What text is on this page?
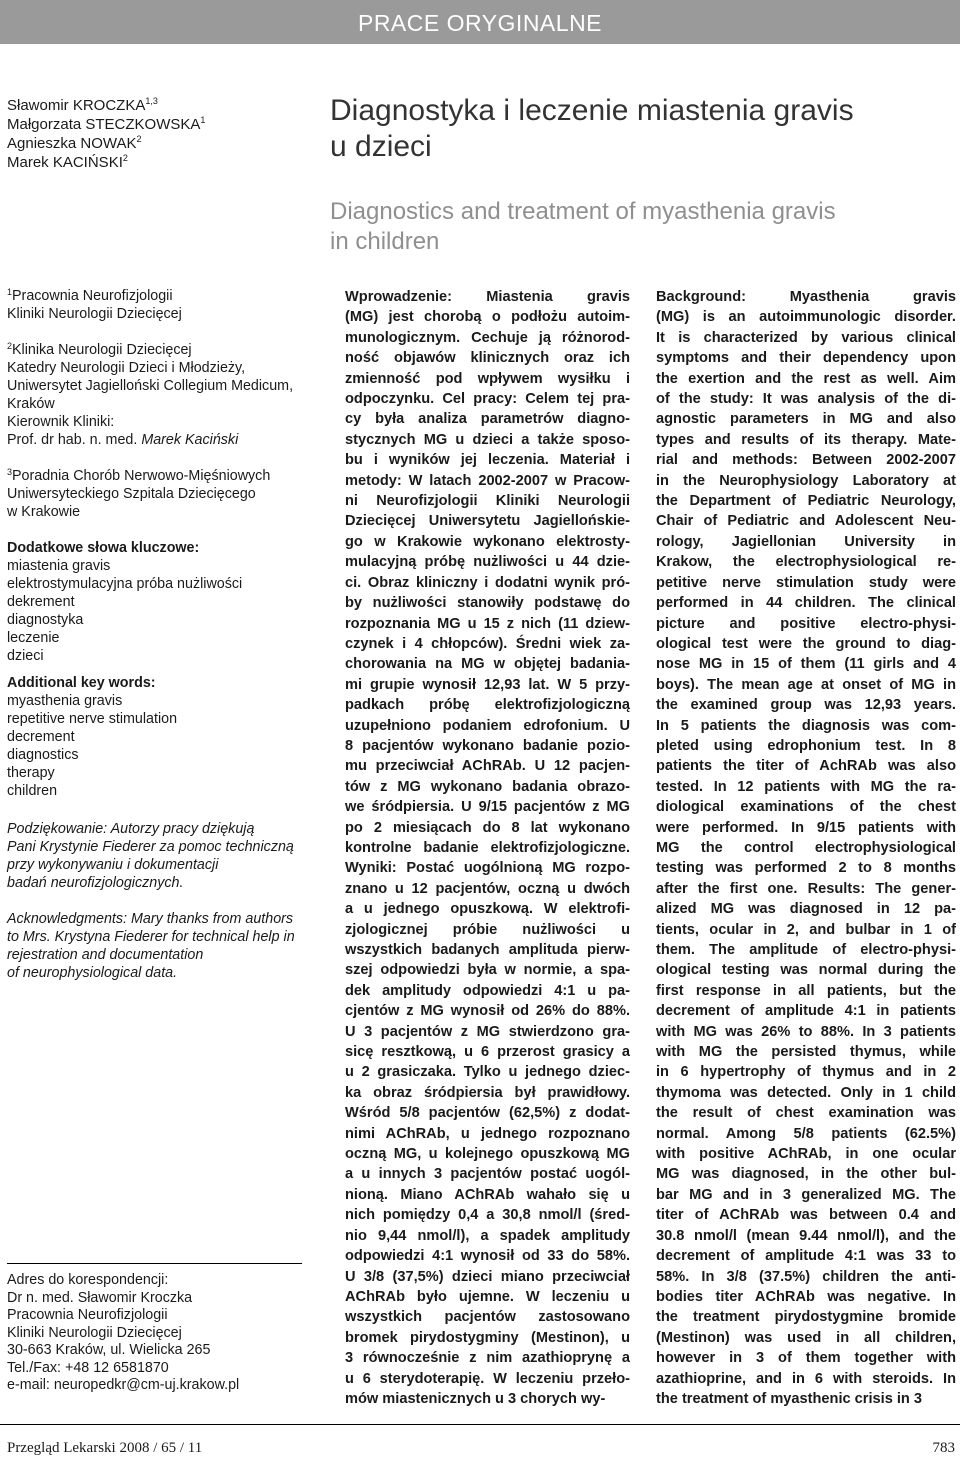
PRACE ORYGINALNE
Sławomir KROCZKA$^{1,3}$
Małgorzata STECZKOWSKA$^1$
Agnieszka NOWAK$^2$
Marek KACIŃSKI$^2$
Diagnostyka i leczenie miastenia gravis
u dzieci
Diagnostics and treatment of myasthenia gravis
in children
$^1$Pracownia Neurofizjologii
Kliniki Neurologii Dziecięcej
$^2$Klinika Neurologii Dziecięcej
Katedry Neurologii Dzieci i Młodzieży,
Uniwersytet Jagielloński Collegium Medicum,
Kraków
Kierownik Kliniki:
Prof. dr hab. n. med. Marek Kaciński
$^3$Poradnia Chorób Nerwowo-Mięśniowych
Uniwersyteckiego Szpitala Dziecięcego
w Krakowie
Dodatkowe słowa kluczowe:
miastenia gravis
elektrostymulacyjna próba nużliwości
dekrement
diagnostyka
leczenie
dzieci
Additional key words:
myasthenia gravis
repetitive nerve stimulation
decrement
diagnostics
therapy
children
Podziękowanie: Autorzy pracy dziękują
Pani Krystynie Fiederer za pomoc techniczną
przy wykonywaniu i dokumentacji
badań neurofizjologicznych.
Acknowledgments: Mary thanks from authors
to Mrs. Krystyna Fiederer for technical help in
rejestration and documentation
of neurophysiological data.
Adres do korespondencji:
Dr n. med. Sławomir Kroczka
Pracownia Neurofizjologii
Kliniki Neurologii Dziecięcej
30-663 Kraków, ul. Wielicka 265
Tel./Fax: +48 12 6581870
e-mail: neuropedkr@cm-uj.krakow.pl
Wprowadzenie: Miastenia gravis
(MG) jest chorobą o podłożu autoim-
munologicznym. Cechuje ją różnorod-
ność objawów klinicznych oraz ich
zmienność pod wpływem wysiłku i
odpoczynku. Cel pracy: Celem tej pra-
cy była analiza parametrów diagno-
stycznych MG u dzieci a także sposo-
bu i wyników jej leczenia. Materiał i
metody: W latach 2002-2007 w Pracow-
ni Neurofizjologii Kliniki Neurologii
Dziecięcej Uniwersytetu Jagiellońskie-
go w Krakowie wykonano elektrosty-
mulacyjną próbę nużliwości u 44 dzie-
ci. Obraz kliniczny i dodatni wynik pró-
by nużliwości stanowiły podstawę do
rozpoznania MG u 15 z nich (11 dziew-
czynek i 4 chłopców). Średni wiek za-
chorowania na MG w objętej badania-
mi grupie wynosił 12,93 lat. W 5 przy-
padkach próbę elektrofizjologiczną
uzupełniono podaniem edrofonium. U
8 pacjentów wykonano badanie pozio-
mu przeciwciał AChRAb. U 12 pacjen-
tów z MG wykonano badania obrazo-
we śródpiersia. U 9/15 pacjentów z MG
po 2 miesiącach do 8 lat wykonano
kontrolne badanie elektrofizjologiczne.
Wyniki: Postać uogólnioną MG rozpo-
znano u 12 pacjentów, oczną u dwóch
a u jednego opuszkową. W elektrofi-
zjologicznej próbie nużliwości u
wszystkich badanych amplituda pierw-
szej odpowiedzi była w normie, a spa-
dek amplitudy odpowiedzi 4:1 u pa-
cjentów z MG wynosił od 26% do 88%.
U 3 pacjentów z MG stwierdzono gra-
sicę resztkową, u 6 przerost grasicy a
u 2 grasiczaka. Tylko u jednego dziec-
ka obraz śródpiersia był prawidłowy.
Wśród 5/8 pacjentów (62,5%) z dodat-
nimi AChRAb, u jednego rozpoznano
oczną MG, u kolejnego opuszkową MG
a u innych 3 pacjentów postać uogól-
nioną. Miano AChRAb wahało się u
nich pomiędzy 0,4 a 30,8 nmol/l (śred-
nio 9,44 nmol/l), a spadek amplitudy
odpowiedzi 4:1 wynosił od 33 do 58%.
U 3/8 (37,5%) dzieci miano przeciwciał
AChRAb było ujemne. W leczeniu u
wszystkich pacjentów zastosowano
bromek pirydostygminy (Mestinon), u
3 równocześnie z nim azathioprynę a
u 6 sterydoterapię. W leczeniu przeło-
mów miastenicznych u 3 chorych wy-
Background: Myasthenia gravis
(MG) is an autoimmunologic disorder.
It is characterized by various clinical
symptoms and their dependency upon
the exertion and the rest as well. Aim
of the study: It was analysis of the di-
agnostic parameters in MG and also
types and results of its therapy. Mate-
rial and methods: Between 2002-2007
in the Neurophysiology Laboratory at
the Department of Pediatric Neurology,
Chair of Pediatric and Adolescent Neu-
rology, Jagiellonian University in
Krakow, the electrophysiological re-
petitive nerve stimulation study were
performed in 44 children. The clinical
picture and positive electro-physi-
ological test were the ground to diag-
nose MG in 15 of them (11 girls and 4
boys). The mean age at onset of MG in
the examined group was 12,93 years.
In 5 patients the diagnosis was com-
pleted using edrophonium test. In 8
patients the titer of AchRAb was also
tested. In 12 patients with MG the ra-
diological examinations of the chest
were performed. In 9/15 patients with
MG the control electrophysiological
testing was performed 2 to 8 months
after the first one. Results: The gener-
alized MG was diagnosed in 12 pa-
tients, ocular in 2, and bulbar in 1 of
them. The amplitude of electro-physi-
ological testing was normal during the
first response in all patients, but the
decrement of amplitude 4:1 in patients
with MG was 26% to 88%. In 3 patients
with MG the persisted thymus, while
in 6 hypertrophy of thymus and in 2
thymoma was detected. Only in 1 child
the result of chest examination was
normal. Among 5/8 patients (62.5%)
with positive AChRAb, in one ocular
MG was diagnosed, in the other bul-
bar MG and in 3 generalized MG. The
titer of AChRAb was between 0.4 and
30.8 nmol/l (mean 9.44 nmol/l), and the
decrement of amplitude 4:1 was 33 to
58%. In 3/8 (37.5%) children the anti-
bodies titer AChRAb was negative. In
the treatment pirydostygmine bromide
(Mestinon) was used in all children,
however in 3 of them together with
azathioprine, and in 6 with steroids. In
the treatment of myasthenic crisis in 3
Przegląd Lekarski 2008 / 65 / 11	783
